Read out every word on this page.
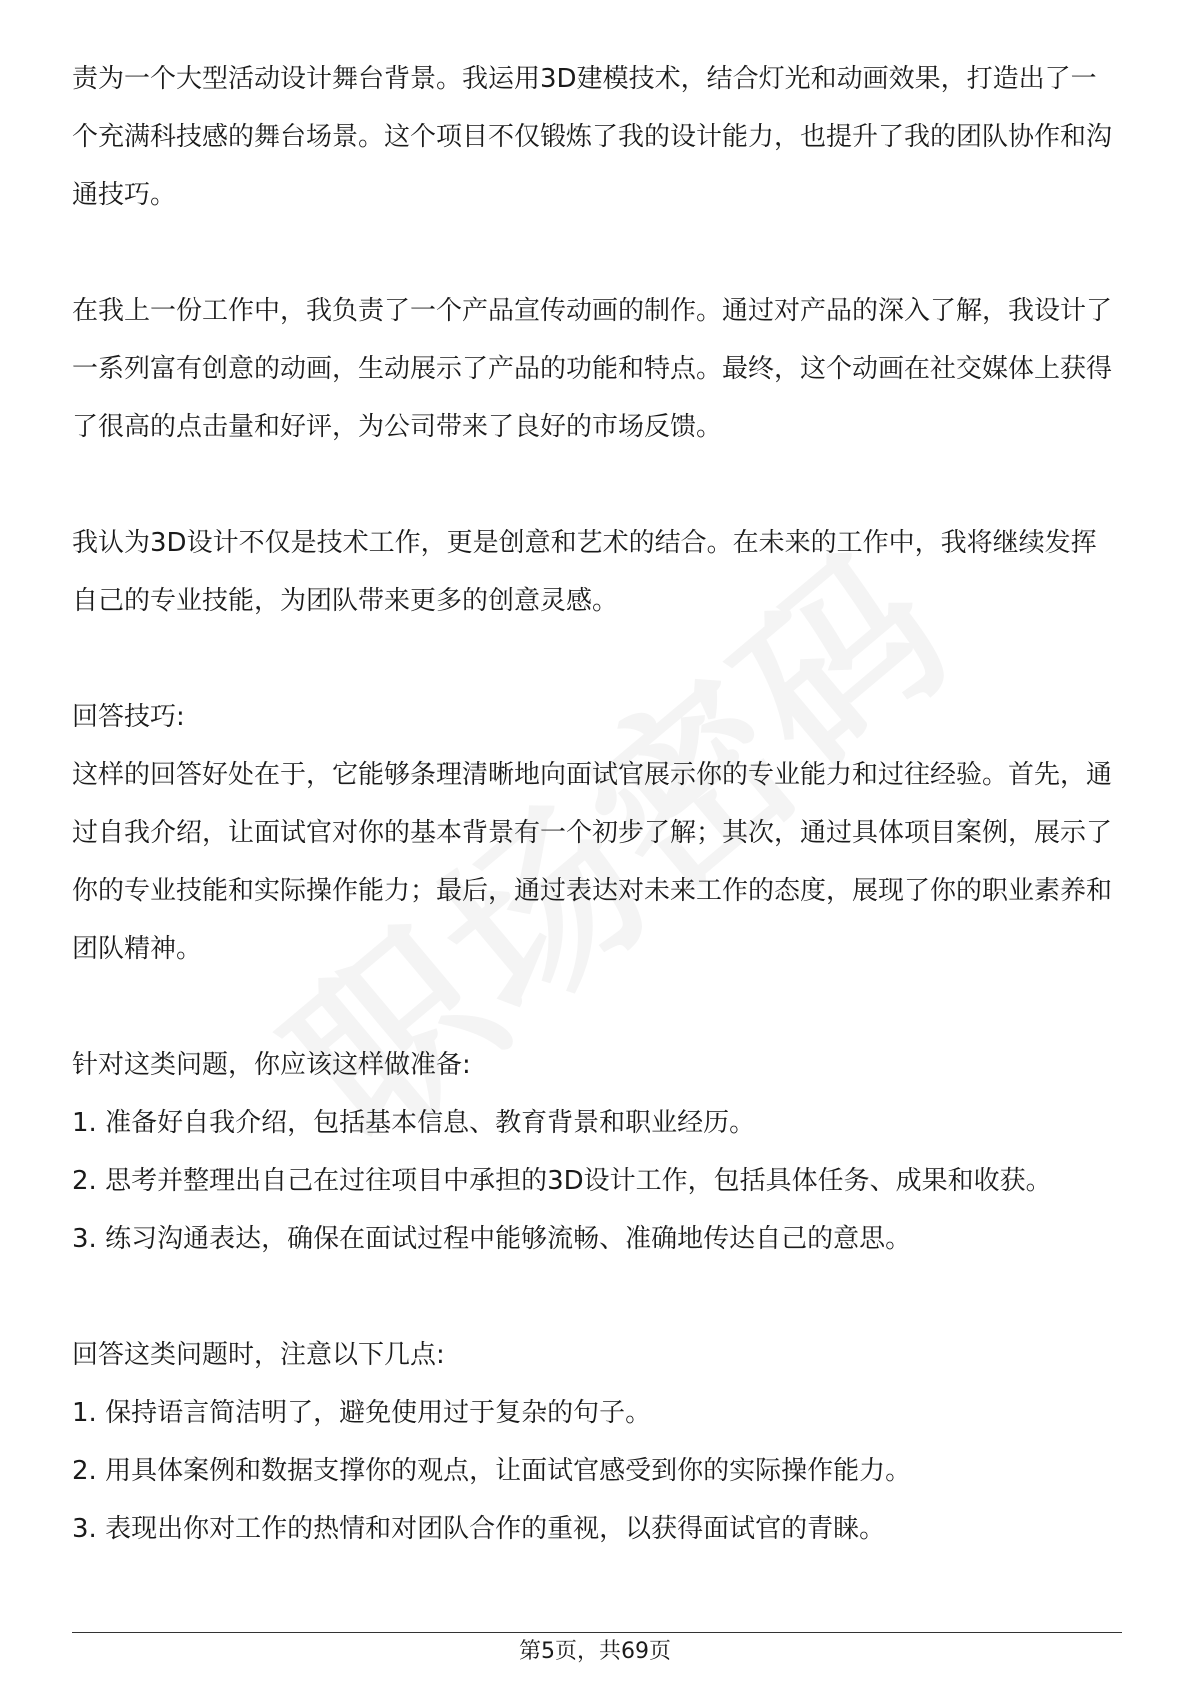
责为一个大型活动设计舞台背景。我运用3D建模技术，结合灯光和动画效果，打造出了一个充满科技感的舞台场景。这个项目不仅锻炼了我的设计能力，也提升了我的团队协作和沟通技巧。

在我上一份工作中，我负责了一个产品宣传动画的制作。通过对产品的深入了解，我设计了一系列富有创意的动画，生动展示了产品的功能和特点。最终，这个动画在社交媒体上获得了很高的点击量和好评，为公司带来了良好的市场反馈。

我认为3D设计不仅是技术工作，更是创意和艺术的结合。在未来的工作中，我将继续发挥自己的专业技能，为团队带来更多的创意灵感。

回答技巧:

这样的回答好处在于，它能够条理清晰地向面试官展示你的专业能力和过往经验。首先，通过自我介绍，让面试官对你的基本背景有一个初步了解；其次，通过具体项目案例，展示了你的专业技能和实际操作能力；最后，通过表达对未来工作的态度，展现了你的职业素养和团队精神。

针对这类问题，你应该这样做准备:

1. 准备好自我介绍，包括基本信息、教育背景和职业经历。

2. 思考并整理出自己在过往项目中承担的3D设计工作，包括具体任务、成果和收获。

3. 练习沟通表达，确保在面试过程中能够流畅、准确地传达自己的意思。

回答这类问题时，注意以下几点:

1. 保持语言简洁明了，避免使用过于复杂的句子。

2. 用具体案例和数据支撑你的观点，让面试官感受到你的实际操作能力。

3. 表现出你对工作的热情和对团队合作的重视，以获得面试官的青睐。

第5页，共69页
